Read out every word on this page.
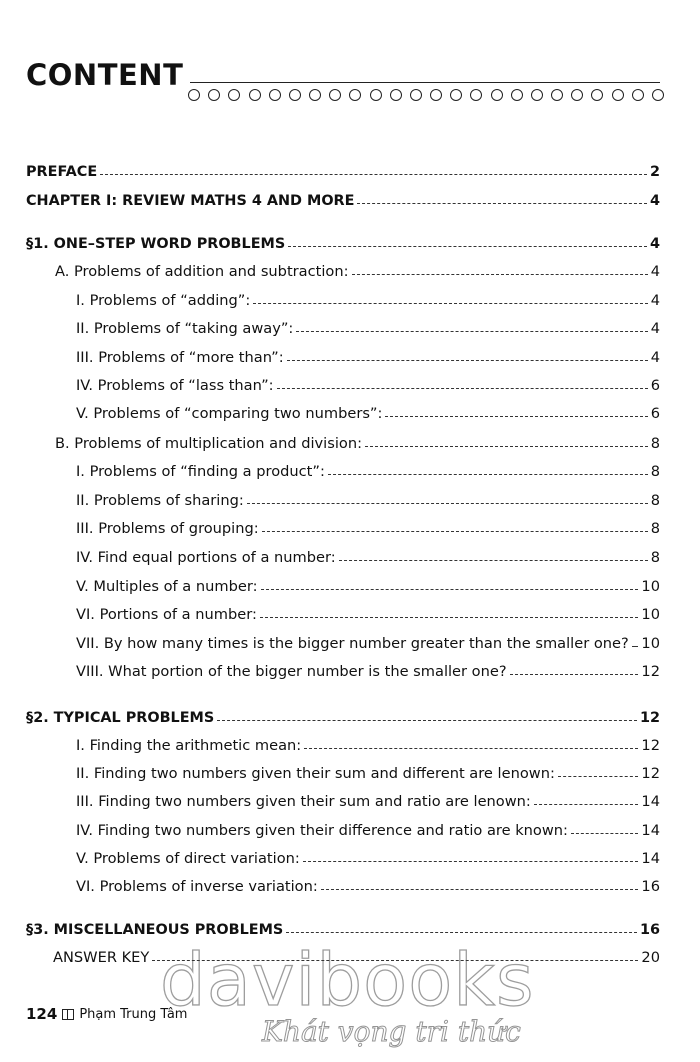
CONTENT
PREFACE	2
CHAPTER I: REVIEW MATHS 4 AND MORE	4
§1. ONE–STEP WORD PROBLEMS	4
A. Problems of addition and subtraction:	4
I. Problems of “adding”:	4
II. Problems of “taking away”:	4
III. Problems of “more than”:	4
IV. Problems of “lass than”:	6
V. Problems of “comparing two numbers”:	6
B. Problems of multiplication and division:	8
I. Problems of “finding a product”:	8
II. Problems of sharing:	8
III. Problems of grouping:	8
IV. Find equal portions of a number:	8
V. Multiples of a number:	10
VI. Portions of a number:	10
VII. By how many times is the bigger number greater than the smaller one? 10
VIII. What portion of the bigger number is the smaller one?	12
§2. TYPICAL PROBLEMS	12
I. Finding the arithmetic mean:	12
II. Finding two numbers given their sum and different are lenown:	12
III. Finding two numbers given their sum and ratio are lenown:	14
IV. Finding two numbers given their difference and ratio are known:	14
V. Problems of direct variation:	14
VI. Problems of inverse variation:	16
§3. MISCELLANEOUS PROBLEMS	16
ANSWER KEY	20
124 Phạm Trung Tâm
davibooks
Khát vọng tri thức
